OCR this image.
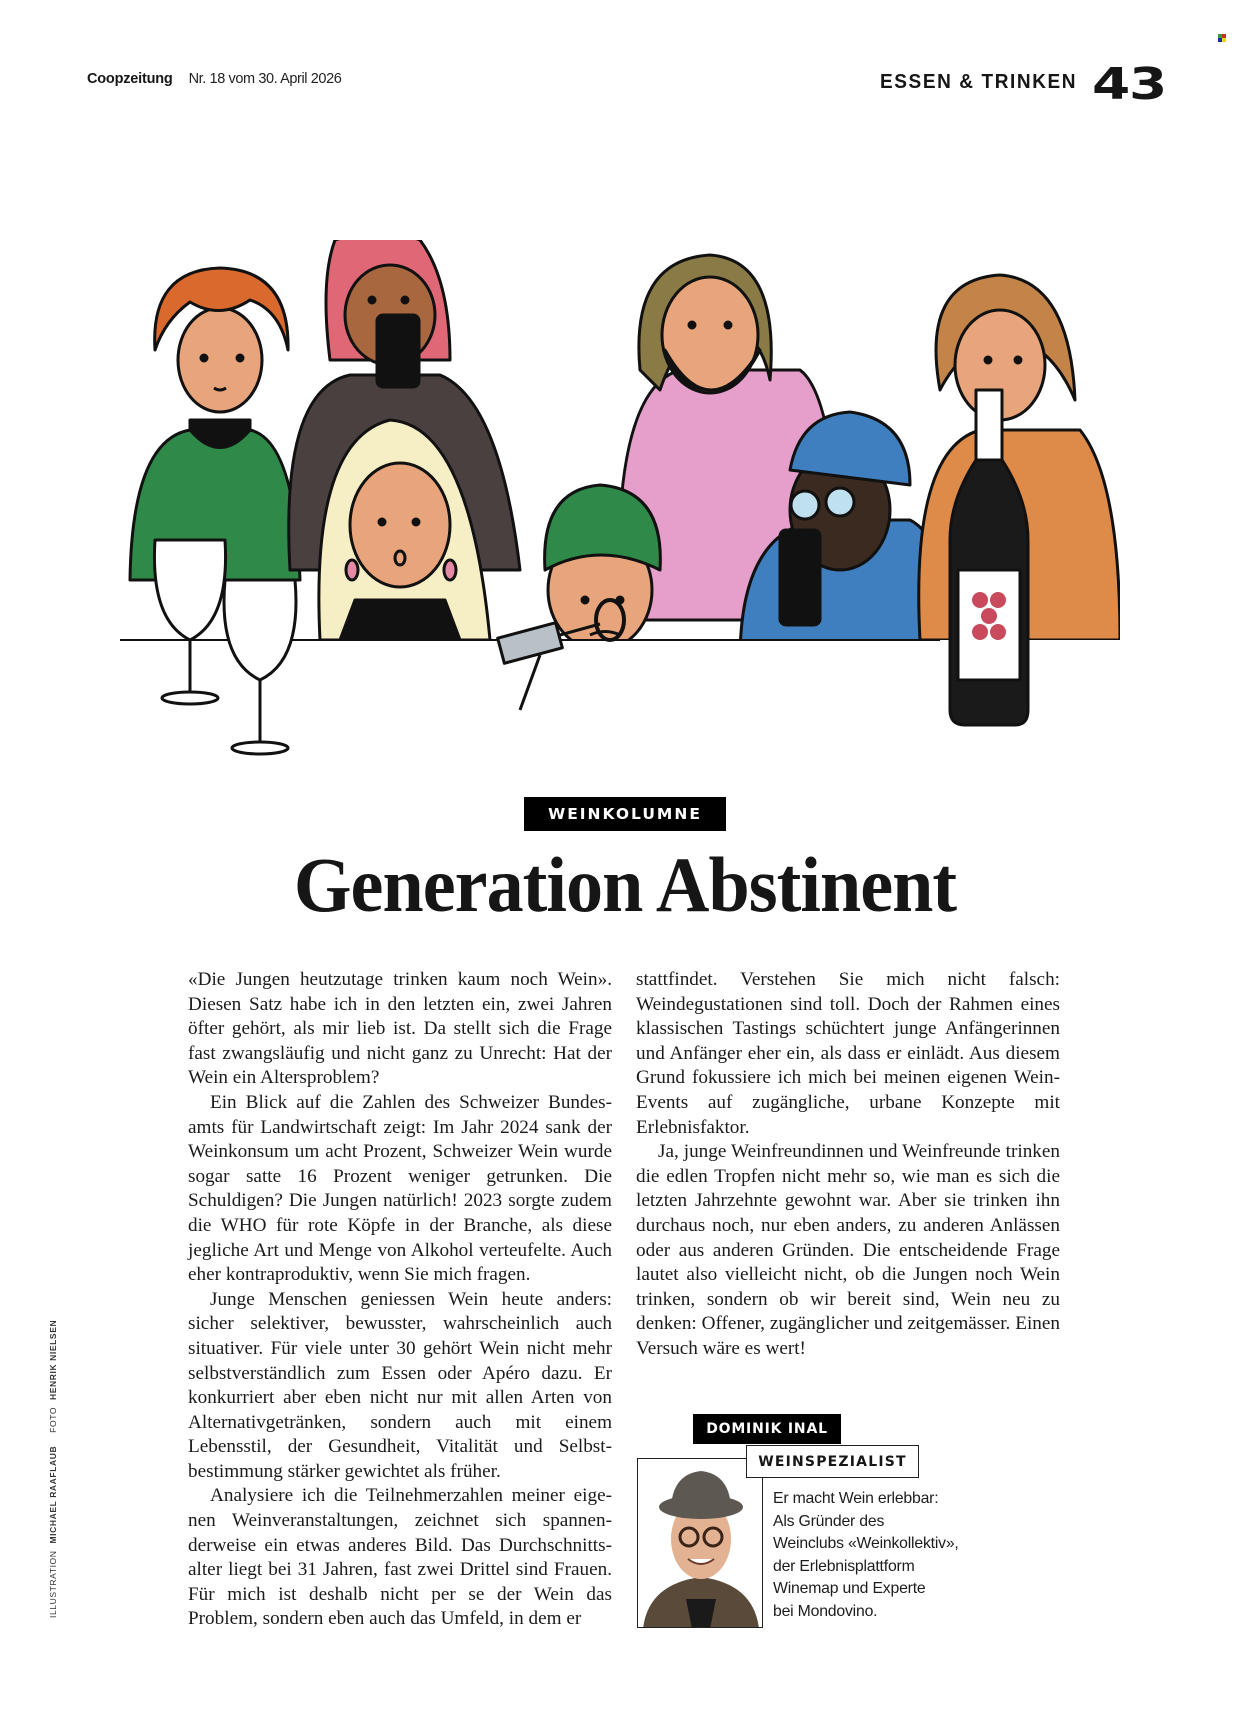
Coopzeitung Nr. 18 vom 30. April 2026	ESSEN & TRINKEN 43
WEINKOLUMNE
Generation Abstinent

«Die Jungen heutzutage trinken kaum noch Wein». Diesen Satz habe ich in den letzten ein, zwei Jahren öfter gehört, als mir lieb ist. Da stellt sich die Frage fast zwangsläufig und nicht ganz zu Unrecht: Hat der Wein ein Altersproblem?

Ein Blick auf die Zahlen des Schweizer Bundesamts für Landwirtschaft zeigt: Im Jahr 2024 sank der Weinkonsum um acht Prozent, Schweizer Wein wurde sogar satte 16 Prozent weniger getrunken. Die Schuldigen? Die Jungen natürlich! 2023 sorgte zudem die WHO für rote Köpfe in der Branche, als diese jegliche Art und Menge von Alkohol verteufelte. Auch eher kontraproduktiv, wenn Sie mich fragen.

Junge Menschen geniessen Wein heute anders: sicher selektiver, bewusster, wahrscheinlich auch situativer. Für viele unter 30 gehört Wein nicht mehr selbstverständlich zum Essen oder Apéro dazu. Er konkurriert aber eben nicht nur mit allen Arten von Alternativgetränken, sondern auch mit einem Lebensstil, der Gesundheit, Vitalität und Selbstbestimmung stärker gewichtet als früher.

Analysiere ich die Teilnehmerzahlen meiner eigenen Weinveranstaltungen, zeichnet sich spannenderweise ein etwas anderes Bild. Das Durchschnittsalter liegt bei 31 Jahren, fast zwei Drittel sind Frauen. Für mich ist deshalb nicht per se der Wein das Problem, sondern eben auch das Umfeld, in dem er

stattfindet. Verstehen Sie mich nicht falsch: Weindegustationen sind toll. Doch der Rahmen eines klassischen Tastings schüchtert junge Anfängerinnen und Anfänger eher ein, als dass er einlädt. Aus diesem Grund fokussiere ich mich bei meinen eigenen Wein-Events auf zugängliche, urbane Konzepte mit Erlebnisfaktor.

Ja, junge Weinfreundinnen und Weinfreunde trinken die edlen Tropfen nicht mehr so, wie man es sich die letzten Jahrzehnte gewohnt war. Aber sie trinken ihn durchaus noch, nur eben anders, zu anderen Anlässen oder aus anderen Gründen. Die entscheidende Frage lautet also vielleicht nicht, ob die Jungen noch Wein trinken, sondern ob wir bereit sind, Wein neu zu denken: Offener, zugänglicher und zeitgemässer. Einen Versuch wäre es wert!

DOMINIK INAL
WEINSPEZIALIST
Er macht Wein erlebbar:
Als Gründer des
Weinclubs «Weinkollektiv»,
der Erlebnisplattform
Winemap und Experte
bei Mondovino.
ILLUSTRATION MICHAEL RAAFLAUB FOTO HENRIK NIELSEN
